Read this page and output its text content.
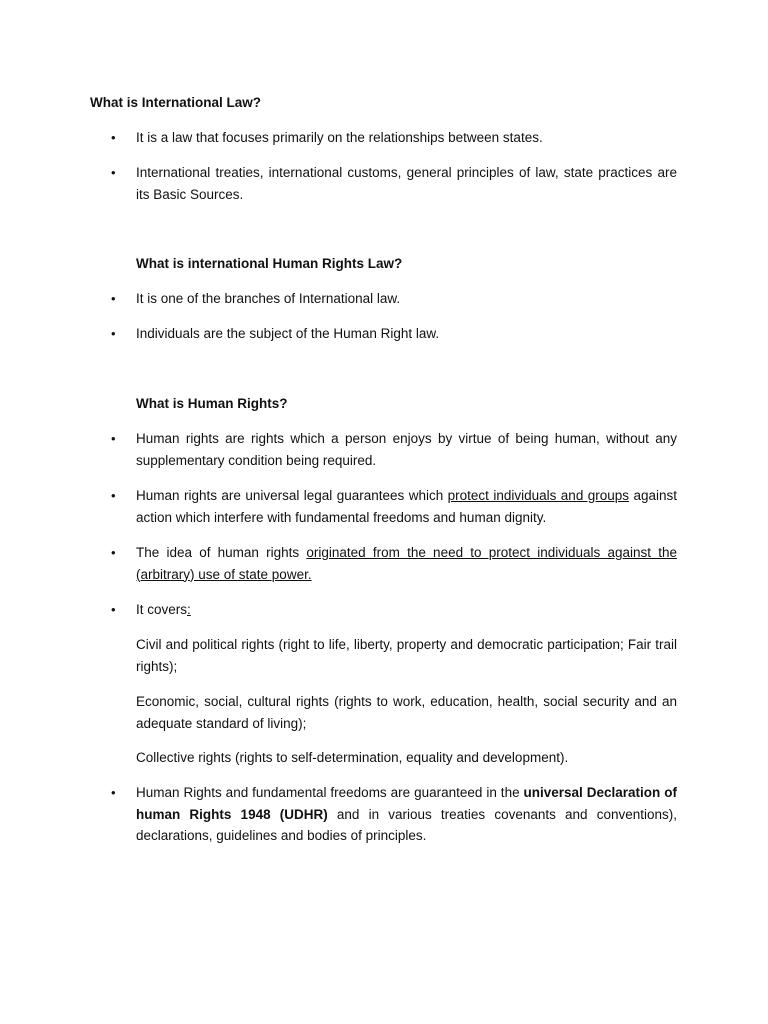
What is International Law?
•	It is a law that focuses primarily on the relationships between states.
•	International treaties, international customs, general principles of law, state practices are its Basic Sources.
What is international Human Rights Law?
•	It is one of the branches of International law.
•	Individuals are the subject of the Human Right law.
What is Human Rights?
•	Human rights are rights which a person enjoys by virtue of being human, without any supplementary condition being required.
•	Human rights are universal legal guarantees which protect individuals and groups against action which interfere with fundamental freedoms and human dignity.
•	The idea of human rights originated from the need to protect individuals against the (arbitrary) use of state power.
•	It covers:
Civil and political rights (right to life, liberty, property and democratic participation; Fair trail rights);
Economic, social, cultural rights (rights to work, education, health, social security and an adequate standard of living);
Collective rights (rights to self-determination, equality and development).
•	Human Rights and fundamental freedoms are guaranteed in the universal Declaration of human Rights 1948 (UDHR) and in various treaties covenants and conventions), declarations, guidelines and bodies of principles.
